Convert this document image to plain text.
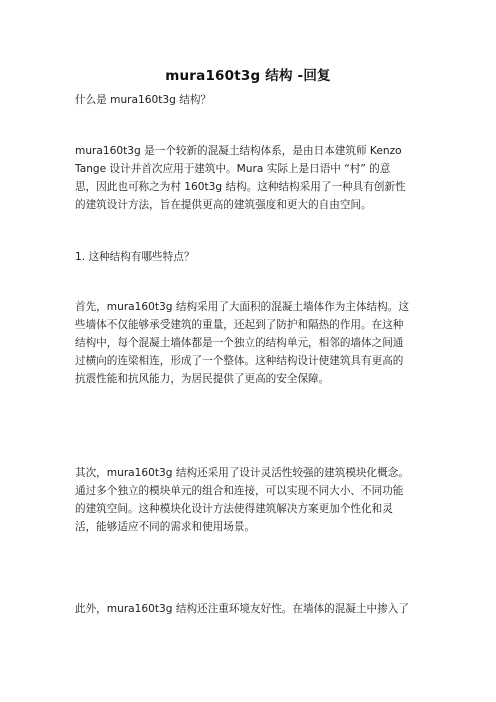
mura160t3g 结构 -回复
什么是 mura160t3g 结构？
mura160t3g 是一个较新的混凝土结构体系，是由日本建筑师 Kenzo
Tange 设计并首次应用于建筑中。Mura 实际上是日语中 “村” 的意
思，因此也可称之为村 160t3g 结构。这种结构采用了一种具有创新性
的建筑设计方法，旨在提供更高的建筑强度和更大的自由空间。
1. 这种结构有哪些特点？
首先，mura160t3g 结构采用了大面积的混凝土墙体作为主体结构。这
些墙体不仅能够承受建筑的重量，还起到了防护和隔热的作用。在这种
结构中，每个混凝土墙体都是一个独立的结构单元，相邻的墙体之间通
过横向的连梁相连，形成了一个整体。这种结构设计使建筑具有更高的
抗震性能和抗风能力，为居民提供了更高的安全保障。
其次，mura160t3g 结构还采用了设计灵活性较强的建筑模块化概念。
通过多个独立的模块单元的组合和连接，可以实现不同大小、不同功能
的建筑空间。这种模块化设计方法使得建筑解决方案更加个性化和灵
活，能够适应不同的需求和使用场景。
此外，mura160t3g 结构还注重环境友好性。在墙体的混凝土中掺入了
